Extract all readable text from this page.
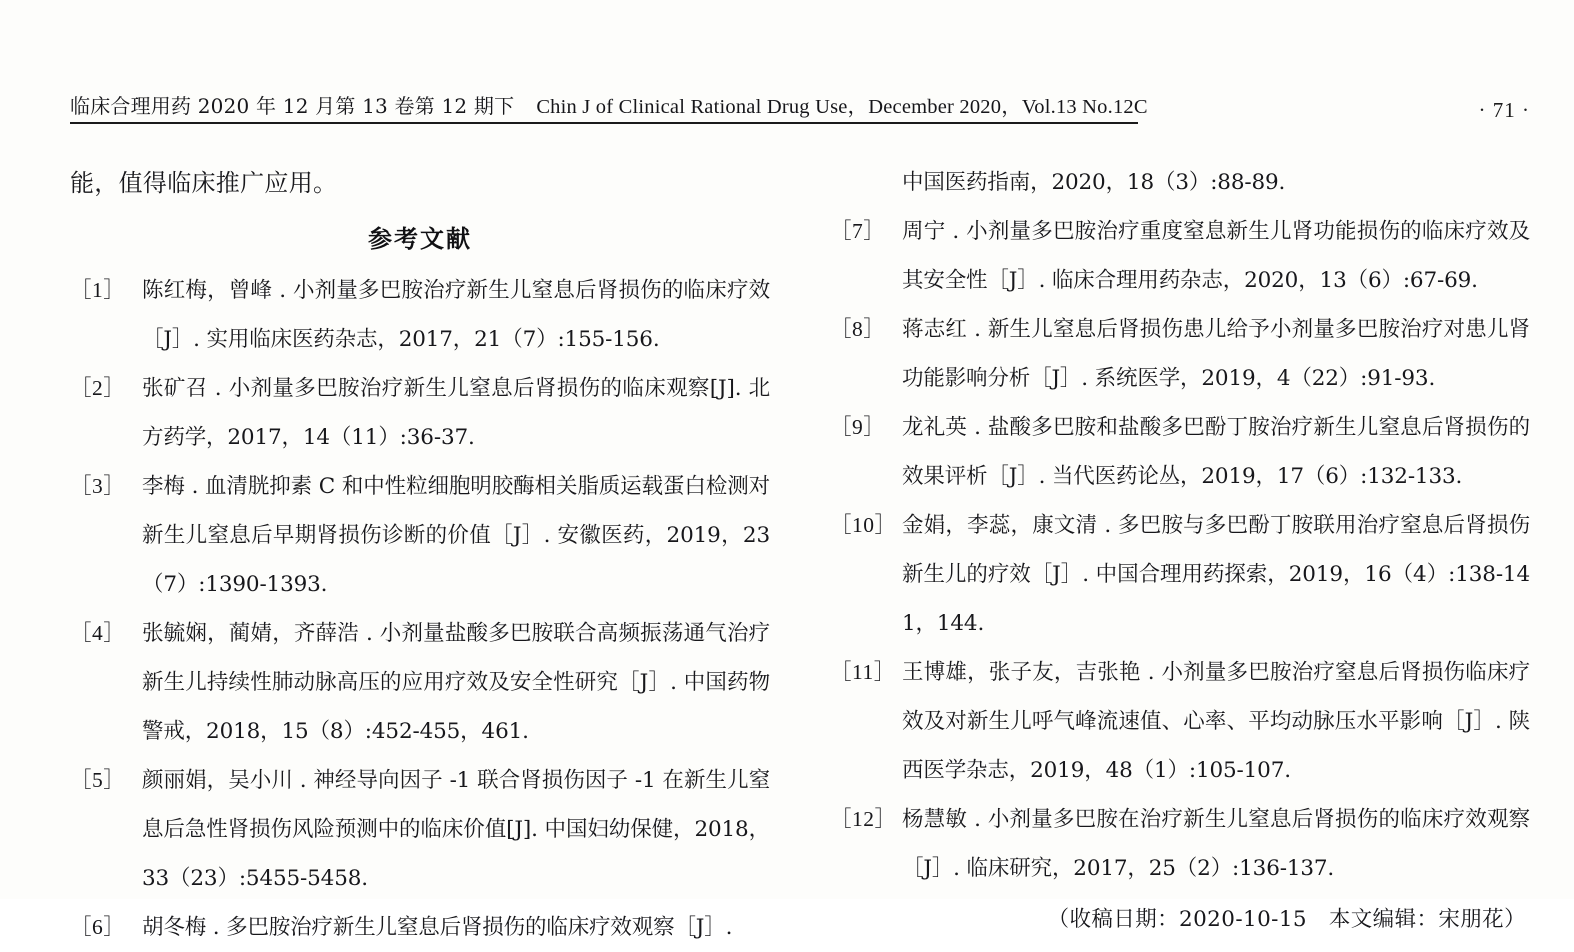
临床合理用药 2020 年 12 月第 13 卷第 12 期下 Chin J of Clinical Rational Drug Use，December 2020，Vol.13 No.12C	· 71 ·

能，值得临床推广应用。

参考文献
［1］ 陈红梅，曾峰 . 小剂量多巴胺治疗新生儿窒息后肾损伤的临床疗效［J］. 实用临床医药杂志，2017，21（7）:155-156.
［2］ 张矿召 . 小剂量多巴胺治疗新生儿窒息后肾损伤的临床观察[J]. 北方药学，2017，14（11）:36-37.
［3］ 李梅 . 血清胱抑素 C 和中性粒细胞明胶酶相关脂质运载蛋白检测对新生儿窒息后早期肾损伤诊断的价值［J］. 安徽医药，2019，23（7）:1390-1393.
［4］ 张毓娴，蔺婧，齐薛浩 . 小剂量盐酸多巴胺联合高频振荡通气治疗新生儿持续性肺动脉高压的应用疗效及安全性研究［J］. 中国药物警戒，2018，15（8）:452-455，461.
［5］ 颜丽娟，吴小川 . 神经导向因子 -1 联合肾损伤因子 -1 在新生儿窒息后急性肾损伤风险预测中的临床价值[J]. 中国妇幼保健，2018，33（23）:5455-5458.
［6］ 胡冬梅 . 多巴胺治疗新生儿窒息后肾损伤的临床疗效观察［J］.
中国医药指南，2020，18（3）:88-89.
［7］ 周宁 . 小剂量多巴胺治疗重度窒息新生儿肾功能损伤的临床疗效及其安全性［J］. 临床合理用药杂志，2020，13（6）:67-69.
［8］ 蒋志红 . 新生儿窒息后肾损伤患儿给予小剂量多巴胺治疗对患儿肾功能影响分析［J］. 系统医学，2019，4（22）:91-93.
［9］ 龙礼英 . 盐酸多巴胺和盐酸多巴酚丁胺治疗新生儿窒息后肾损伤的效果评析［J］. 当代医药论丛，2019，17（6）:132-133.
［10］ 金娟，李蕊，康文清 . 多巴胺与多巴酚丁胺联用治疗窒息后肾损伤新生儿的疗效［J］. 中国合理用药探索，2019，16（4）:138-141，144.
［11］ 王博雄，张子友，吉张艳 . 小剂量多巴胺治疗窒息后肾损伤临床疗效及对新生儿呼气峰流速值、心率、平均动脉压水平影响［J］. 陕西医学杂志，2019，48（1）:105-107.
［12］ 杨慧敏 . 小剂量多巴胺在治疗新生儿窒息后肾损伤的临床疗效观察［J］. 临床研究，2017，25（2）:136-137.
（收稿日期：2020-10-15　本文编辑：宋朋花）
